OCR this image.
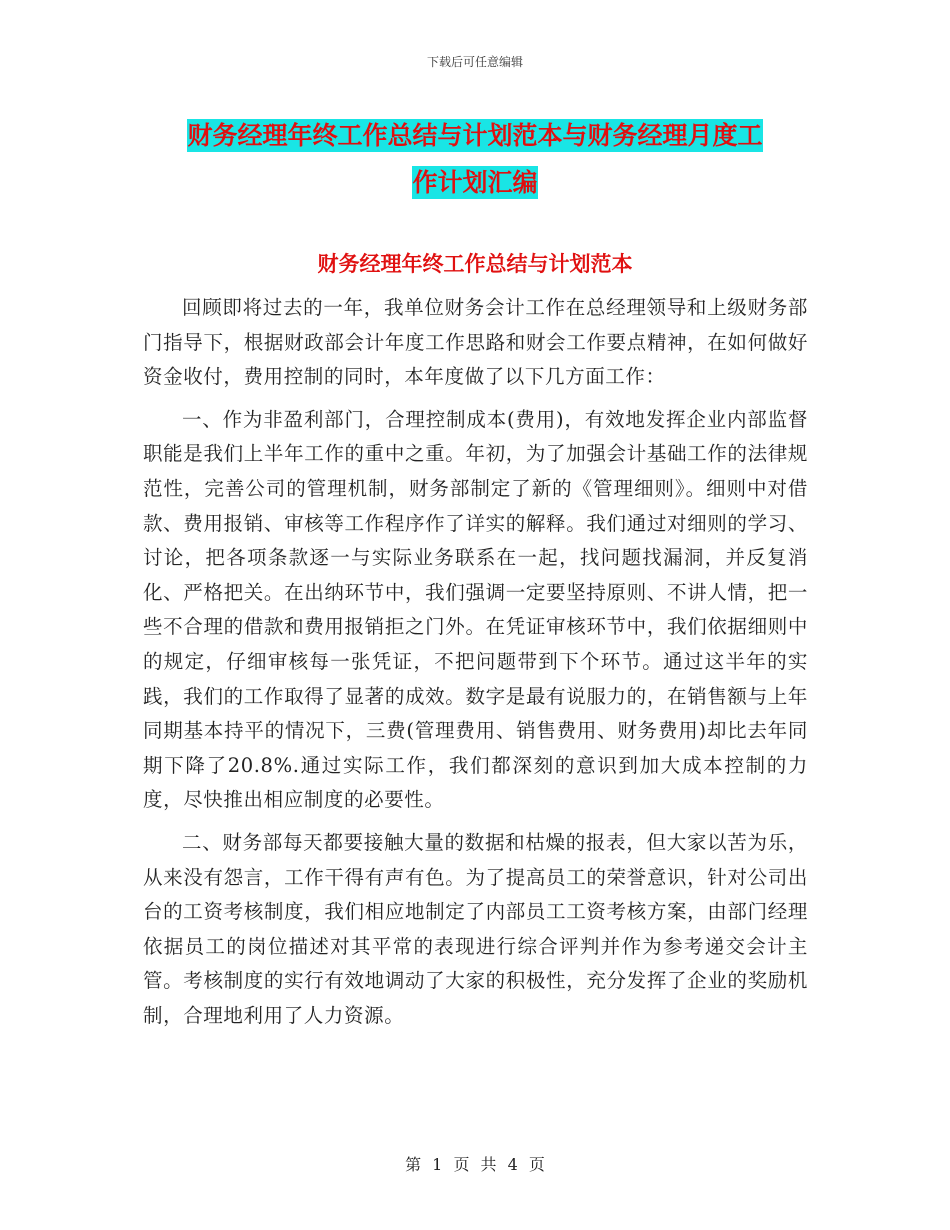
下载后可任意编辑
财务经理年终工作总结与计划范本与财务经理月度工
作计划汇编
财务经理年终工作总结与计划范本

回顾即将过去的一年，我单位财务会计工作在总经理领导和上级财务部门指导下，根据财政部会计年度工作思路和财会工作要点精神，在如何做好资金收付，费用控制的同时，本年度做了以下几方面工作：

一、作为非盈利部门，合理控制成本(费用)，有效地发挥企业内部监督职能是我们上半年工作的重中之重。年初，为了加强会计基础工作的法律规范性，完善公司的管理机制，财务部制定了新的《管理细则》。细则中对借款、费用报销、审核等工作程序作了详实的解释。我们通过对细则的学习、讨论，把各项条款逐一与实际业务联系在一起，找问题找漏洞，并反复消化、严格把关。在出纳环节中，我们强调一定要坚持原则、不讲人情，把一些不合理的借款和费用报销拒之门外。在凭证审核环节中，我们依据细则中的规定，仔细审核每一张凭证，不把问题带到下个环节。通过这半年的实践，我们的工作取得了显著的成效。数字是最有说服力的，在销售额与上年同期基本持平的情况下，三费(管理费用、销售费用、财务费用)却比去年同期下降了20.8%.通过实际工作，我们都深刻的意识到加大成本控制的力度，尽快推出相应制度的必要性。

二、财务部每天都要接触大量的数据和枯燥的报表，但大家以苦为乐，从来没有怨言，工作干得有声有色。为了提高员工的荣誉意识，针对公司出台的工资考核制度，我们相应地制定了内部员工工资考核方案，由部门经理依据员工的岗位描述对其平常的表现进行综合评判并作为参考递交会计主管。考核制度的实行有效地调动了大家的积极性，充分发挥了企业的奖励机制，合理地利用了人力资源。

第 1 页 共 4 页
